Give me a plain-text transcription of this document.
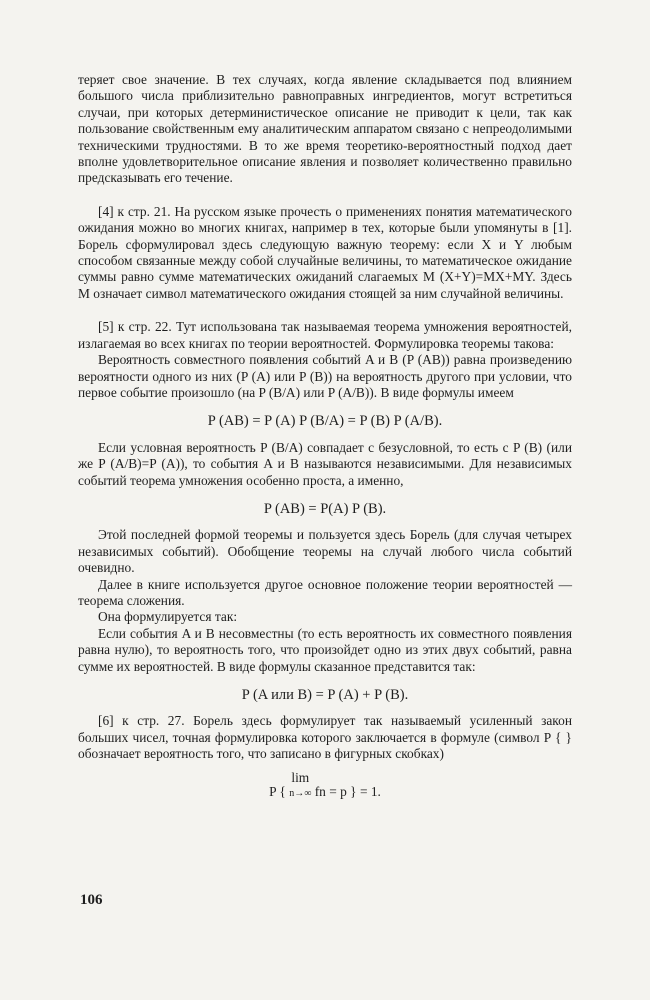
теряет свое значение. В тех случаях, когда явление складывается под влиянием большого числа приблизительно равноправных ингредиентов, могут встретиться случаи, при которых детерминистическое описание не приводит к цели, так как пользование свойственным ему аналитическим аппаратом связано с непреодолимыми техническими трудностями. В то же время теоретико-вероятностный подход дает вполне удовлетворительное описание явления и позволяет количественно правильно предсказывать его течение.

[4] к стр. 21. На русском языке прочесть о применениях понятия математического ожидания можно во многих книгах, например в тех, которые были упомянуты в [1]. Борель сформулировал здесь следующую важную теорему: если X и Y любым способом связанные между собой случайные величины, то математическое ожидание суммы равно сумме математических ожиданий слагаемых M (X+Y)=MX+MY. Здесь M означает символ математического ожидания стоящей за ним случайной величины.

[5] к стр. 22. Тут использована так называемая теорема умножения вероятностей, излагаемая во всех книгах по теории вероятностей. Формулировка теоремы такова:

Вероятность совместного появления событий A и B (P (AB)) равна произведению вероятности одного из них (P (A) или P (B)) на вероятность другого при условии, что первое событие произошло (на P (B/A) или P (A/B)). В виде формулы имеем

P (AB) = P (A) P (B/A) = P (B) P (A/B).

Если условная вероятность P (B/A) совпадает с безусловной, то есть с P (B) (или же P (A/B)=P (A)), то события A и B называются независимыми. Для независимых событий теорема умножения особенно проста, а именно,

P (AB) = P(A) P (B).

Этой последней формой теоремы и пользуется здесь Борель (для случая четырех независимых событий). Обобщение теоремы на случай любого числа событий очевидно.

Далее в книге используется другое основное положение теории вероятностей — теорема сложения.

Она формулируется так:

Если события A и B несовместны (то есть вероятность их совместного появления равна нулю), то вероятность того, что произойдет одно из этих двух событий, равна сумме их вероятностей. В виде формулы сказанное представится так:

P (A или B) = P (A) + P (B).

[6] к стр. 27. Борель здесь формулирует так называемый усиленный закон больших чисел, точная формулировка которого заключается в формуле (символ P { } обозначает вероятность того, что записано в фигурных скобках)

P { lim
n→∞ fn = p } = 1.
106
